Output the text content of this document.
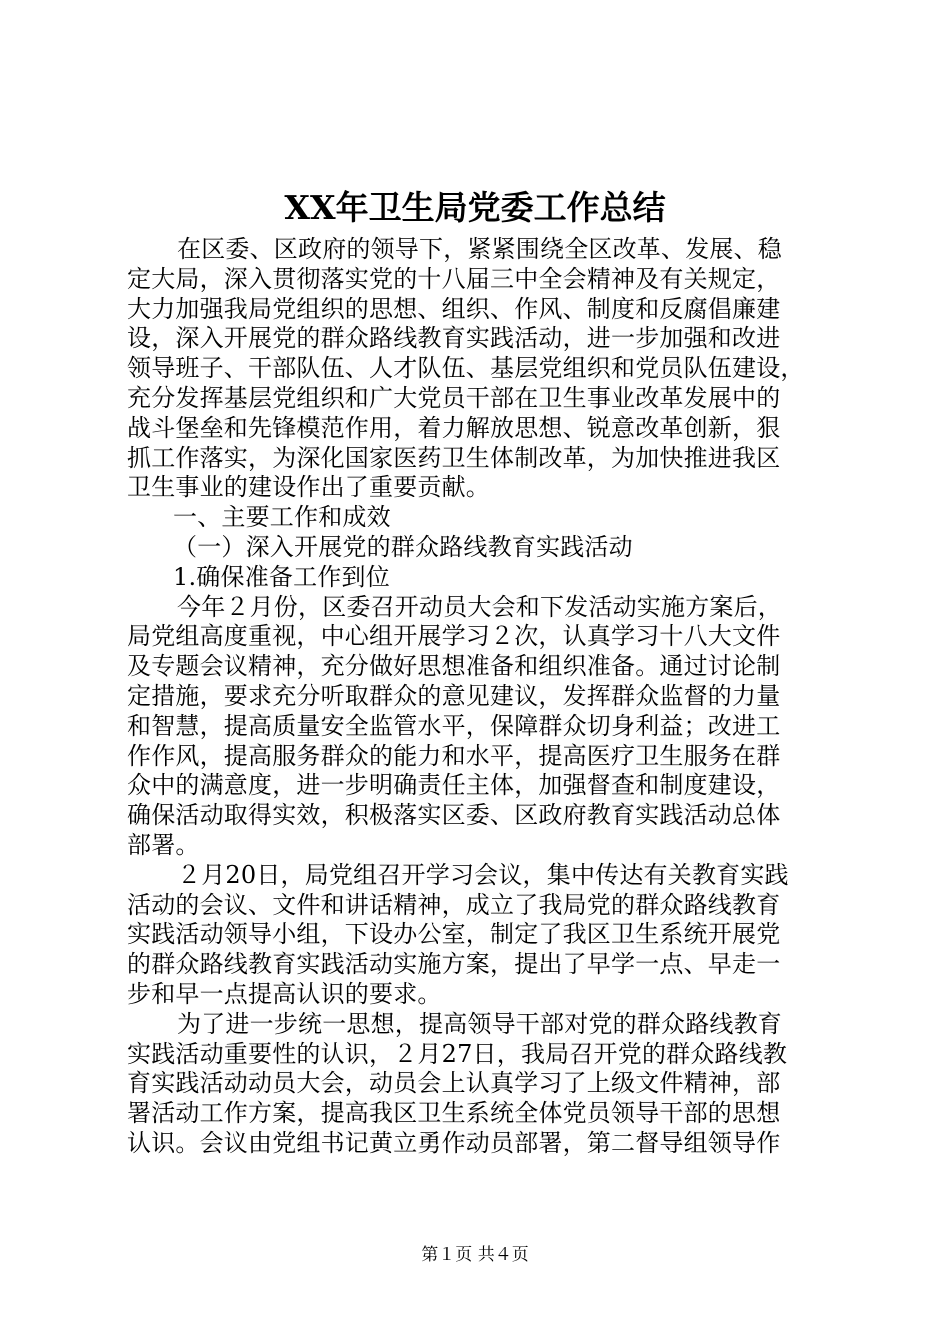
XX年卫生局党委工作总结
在区委、区政府的领导下，紧紧围绕全区改革、发展、稳
定大局，深入贯彻落实党的十八届三中全会精神及有关规定，
大力加强我局党组织的思想、组织、作风、制度和反腐倡廉建
设，深入开展党的群众路线教育实践活动，进一步加强和改进
领导班子、干部队伍、人才队伍、基层党组织和党员队伍建设，
充分发挥基层党组织和广大党员干部在卫生事业改革发展中的
战斗堡垒和先锋模范作用，着力解放思想、锐意改革创新，狠
抓工作落实，为深化国家医药卫生体制改革，为加快推进我区
卫生事业的建设作出了重要贡献。
一、主要工作和成效
（一）深入开展党的群众路线教育实践活动
1.确保准备工作到位
今年２月份，区委召开动员大会和下发活动实施方案后，
局党组高度重视，中心组开展学习２次，认真学习十八大文件
及专题会议精神，充分做好思想准备和组织准备。通过讨论制
定措施，要求充分听取群众的意见建议，发挥群众监督的力量
和智慧，提高质量安全监管水平，保障群众切身利益；改进工
作作风，提高服务群众的能力和水平，提高医疗卫生服务在群
众中的满意度，进一步明确责任主体，加强督查和制度建设，
确保活动取得实效，积极落实区委、区政府教育实践活动总体
部署。
２月20日，局党组召开学习会议，集中传达有关教育实践
活动的会议、文件和讲话精神，成立了我局党的群众路线教育
实践活动领导小组，下设办公室，制定了我区卫生系统开展党
的群众路线教育实践活动实施方案，提出了早学一点、早走一
步和早一点提高认识的要求。
为了进一步统一思想，提高领导干部对党的群众路线教育
实践活动重要性的认识，２月27日，我局召开党的群众路线教
育实践活动动员大会，动员会上认真学习了上级文件精神，部
署活动工作方案，提高我区卫生系统全体党员领导干部的思想
认识。会议由党组书记黄立勇作动员部署，第二督导组领导作
第１页 共４页
